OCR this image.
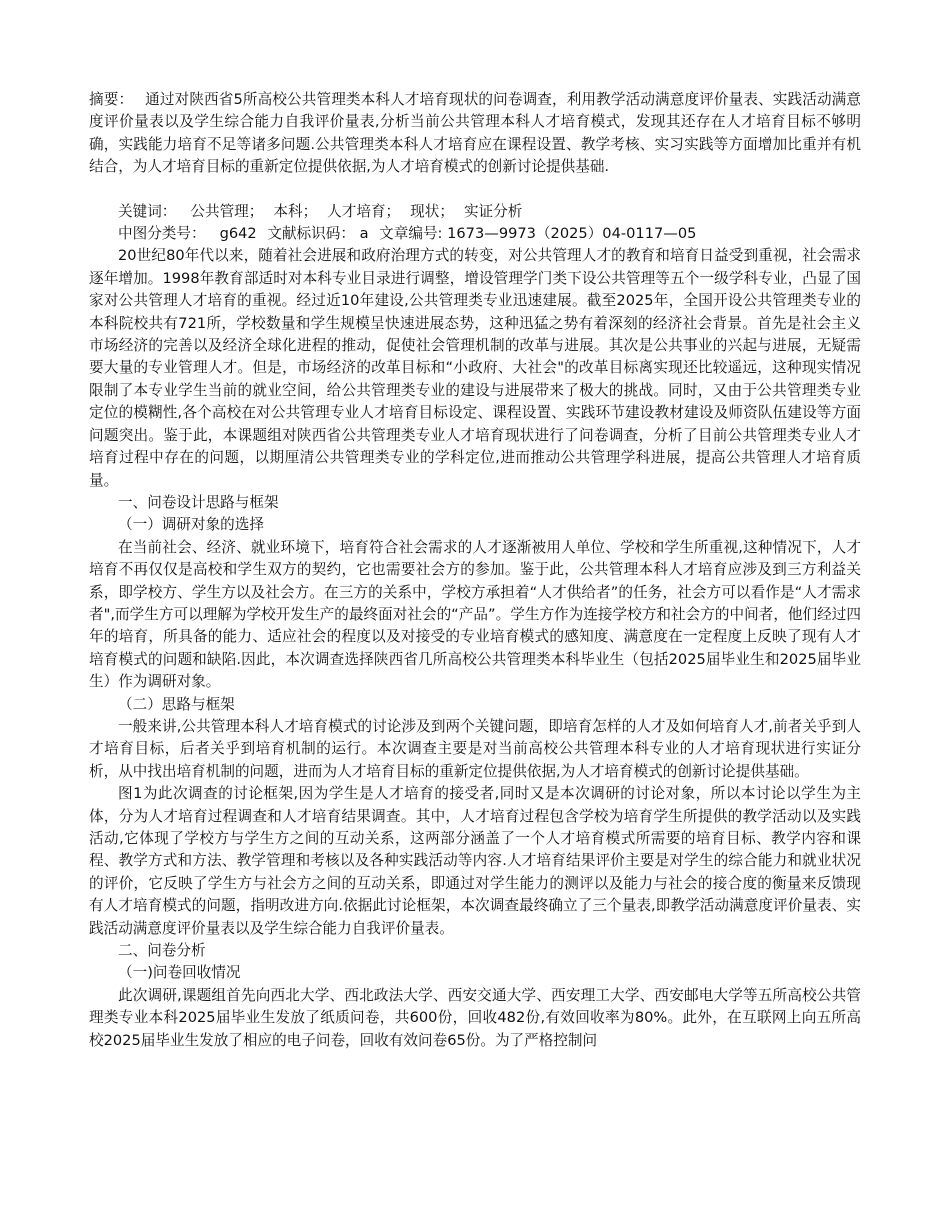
摘要： 通过对陕西省5所高校公共管理类本科人才培育现状的问卷调查，利用教学活动满意度评价量表、实践活动满意度评价量表以及学生综合能力自我评价量表,分析当前公共管理本科人才培育模式，发现其还存在人才培育目标不够明确，实践能力培育不足等诸多问题.公共管理类本科人才培育应在课程设置、教学考核、实习实践等方面增加比重并有机结合，为人才培育目标的重新定位提供依据,为人才培育模式的创新讨论提供基础.

关键词： 公共管理； 本科； 人才培育； 现状； 实证分析

中图分类号： g642 文献标识码： a 文章编号: 1673—9973（2025）04-0117—05

20世纪80年代以来，随着社会进展和政府治理方式的转变，对公共管理人才的教育和培育日益受到重视，社会需求逐年增加。1998年教育部适时对本科专业目录进行调整，增设管理学门类下设公共管理等五个一级学科专业，凸显了国家对公共管理人才培育的重视。经过近10年建设,公共管理类专业迅速建展。截至2025年，全国开设公共管理类专业的本科院校共有721所，学校数量和学生规模呈快速进展态势，这种迅猛之势有着深刻的经济社会背景。首先是社会主义市场经济的完善以及经济全球化进程的推动，促使社会管理机制的改革与进展。其次是公共事业的兴起与进展，无疑需要大量的专业管理人才。但是，市场经济的改革目标和“小政府、大社会"的改革目标离实现还比较遥远，这种现实情况限制了本专业学生当前的就业空间，给公共管理类专业的建设与进展带来了极大的挑战。同时，又由于公共管理类专业定位的模糊性,各个高校在对公共管理专业人才培育目标设定、课程设置、实践环节建设教材建设及师资队伍建设等方面问题突出。鉴于此，本课题组对陕西省公共管理类专业人才培育现状进行了问卷调查，分析了目前公共管理类专业人才培育过程中存在的问题，以期厘清公共管理类专业的学科定位,进而推动公共管理学科进展，提高公共管理人才培育质量。

一、问卷设计思路与框架

（一）调研对象的选择

在当前社会、经济、就业环境下，培育符合社会需求的人才逐渐被用人单位、学校和学生所重视,这种情况下，人才培育不再仅仅是高校和学生双方的契约，它也需要社会方的参加。鉴于此，公共管理本科人才培育应涉及到三方利益关系，即学校方、学生方以及社会方。在三方的关系中，学校方承担着“人才供给者”的任务，社会方可以看作是“人才需求者",而学生方可以理解为学校开发生产的最终面对社会的“产品”。学生方作为连接学校方和社会方的中间者，他们经过四年的培育，所具备的能力、适应社会的程度以及对接受的专业培育模式的感知度、满意度在一定程度上反映了现有人才培育模式的问题和缺陷.因此，本次调查选择陕西省几所高校公共管理类本科毕业生（包括2025届毕业生和2025届毕业生）作为调研对象。

（二）思路与框架

一般来讲,公共管理本科人才培育模式的讨论涉及到两个关键问题，即培育怎样的人才及如何培育人才,前者关乎到人才培育目标，后者关乎到培育机制的运行。本次调查主要是对当前高校公共管理本科专业的人才培育现状进行实证分析，从中找出培育机制的问题，进而为人才培育目标的重新定位提供依据,为人才培育模式的创新讨论提供基础。

图1为此次调查的讨论框架,因为学生是人才培育的接受者,同时又是本次调研的讨论对象，所以本讨论以学生为主体，分为人才培育过程调查和人才培育结果调查。其中，人才培育过程包含学校为培育学生所提供的教学活动以及实践活动,它体现了学校方与学生方之间的互动关系，这两部分涵盖了一个人才培育模式所需要的培育目标、教学内容和课程、教学方式和方法、教学管理和考核以及各种实践活动等内容.人才培育结果评价主要是对学生的综合能力和就业状况的评价，它反映了学生方与社会方之间的互动关系，即通过对学生能力的测评以及能力与社会的接合度的衡量来反馈现有人才培育模式的问题，指明改进方向.依据此讨论框架，本次调查最终确立了三个量表,即教学活动满意度评价量表、实践活动满意度评价量表以及学生综合能力自我评价量表。

二、问卷分析

（一)问卷回收情况

此次调研,课题组首先向西北大学、西北政法大学、西安交通大学、西安理工大学、西安邮电大学等五所高校公共管理类专业本科2025届毕业生发放了纸质问卷，共600份，回收482份,有效回收率为80%。此外，在互联网上向五所高校2025届毕业生发放了相应的电子问卷，回收有效问卷65份。为了严格控制问
